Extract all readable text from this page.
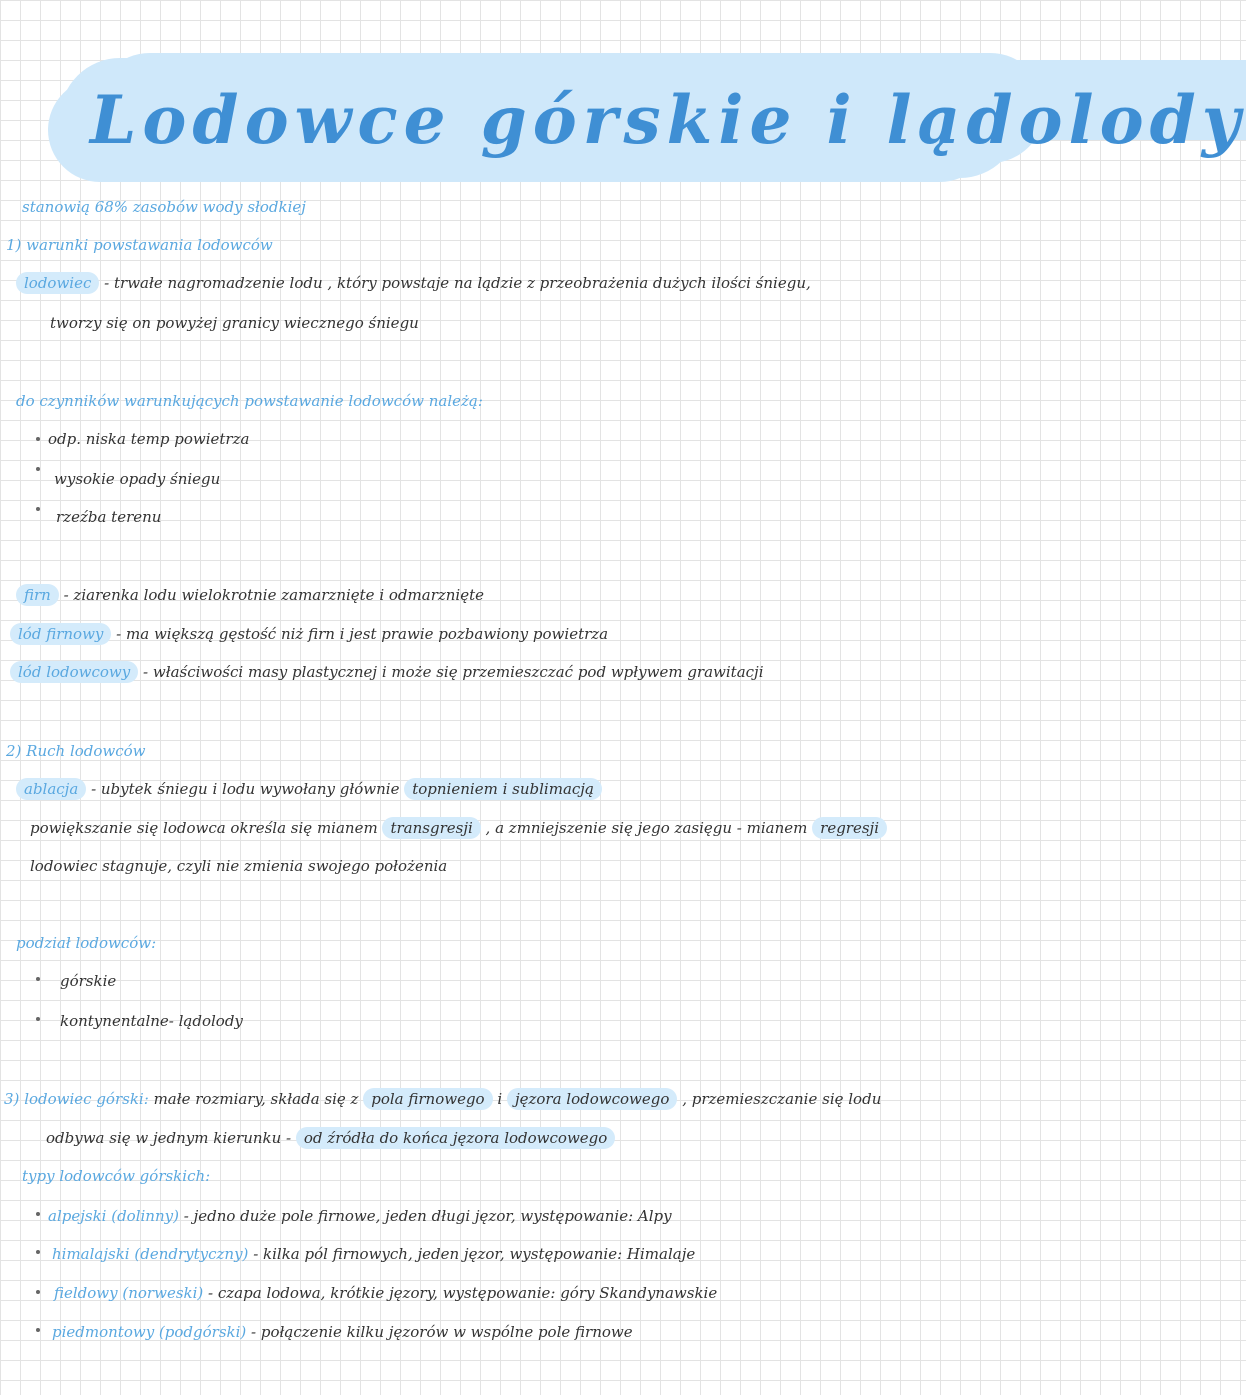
Lodowce górskie i lądolody
stanowią 68% zasobów wody słodkiej
1) warunki powstawania lodowców
lodowiec - trwałe nagromadzenie lodu , który powstaje na lądzie z przeobrażenia dużych ilości śniegu,
tworzy się on powyżej granicy wiecznego śniegu
do czynników warunkujących powstawanie lodowców należą:
odp. niska temp powietrza
wysokie opady śniegu
rzeźba terenu
firn - ziarenka lodu wielokrotnie zamarznięte i odmarznięte
lód firnowy - ma większą gęstość niż firn i jest prawie pozbawiony powietrza
lód lodowcowy - właściwości masy plastycznej i może się przemieszczać pod wpływem grawitacji
2) Ruch lodowców
ablacja - ubytek śniegu i lodu wywołany głównie topnieniem i sublimacją
powiększanie się lodowca określa się mianem transgresji , a zmniejszenie się jego zasięgu - mianem regresji
lodowiec stagnuje, czyli nie zmienia swojego położenia
podział lodowców:
górskie
kontynentalne- lądolody
3) lodowiec górski: małe rozmiary, składa się z pola firnowego i jęzora lodowcowego , przemieszczanie się lodu
odbywa się w jednym kierunku - od źródła do końca jęzora lodowcowego
typy lodowców górskich:
alpejski (dolinny) - jedno duże pole firnowe, jeden długi jęzor, występowanie: Alpy
himalajski (dendrytyczny) - kilka pól firnowych, jeden jęzor, występowanie: Himalaje
fieldowy (norweski) - czapa lodowa, krótkie jęzory, występowanie: góry Skandynawskie
piedmontowy (podgórski) - połączenie kilku jęzorów w wspólne pole firnowe
